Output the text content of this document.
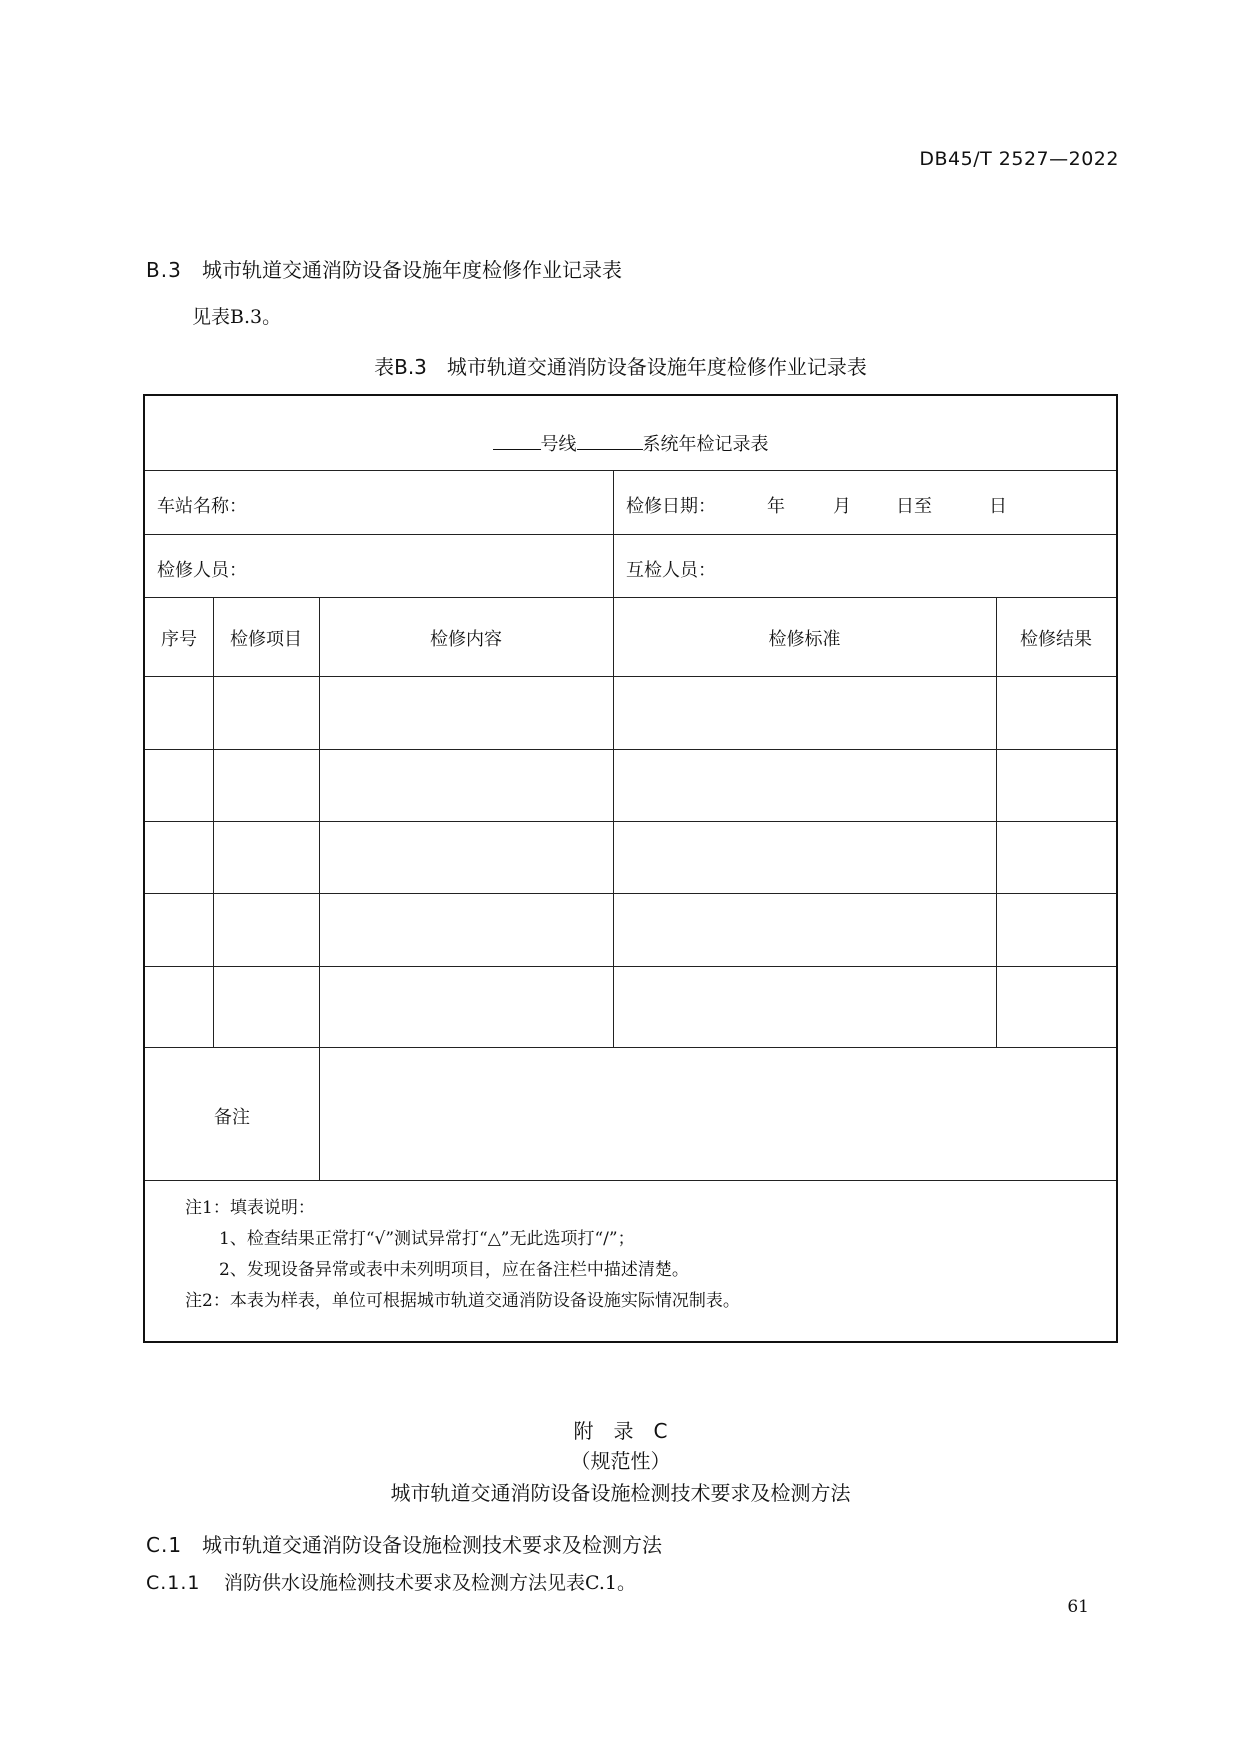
DB45/T 2527—2022
B.3 城市轨道交通消防设备设施年度检修作业记录表
见表B.3。
表B.3　城市轨道交通消防设备设施年度检修作业记录表
号线	系统年检记录表
车站名称：	检修日期：	年	月	日至	日
检修人员：	互检人员：
序号	检修项目	检修内容	检修标准	检修结果
备注
注1：填表说明：
1、检查结果正常打“√”测试异常打“△”无此选项打“/”；
2、发现设备异常或表中未列明项目，应在备注栏中描述清楚。
注2：本表为样表，单位可根据城市轨道交通消防设备设施实际情况制表。
附　录　C
（规范性）
城市轨道交通消防设备设施检测技术要求及检测方法
C.1 城市轨道交通消防设备设施检测技术要求及检测方法
C.1.1 消防供水设施检测技术要求及检测方法见表C.1。
61
